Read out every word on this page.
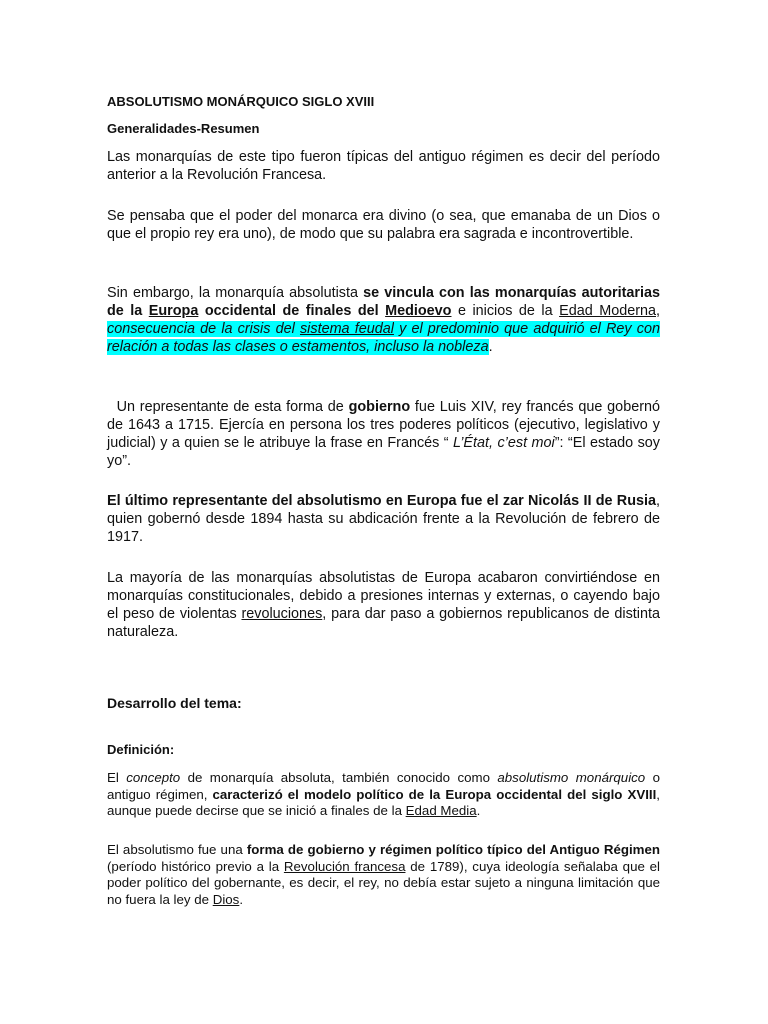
ABSOLUTISMO MONÁRQUICO SIGLO XVIII

Generalidades-Resumen

Las monarquías de este tipo fueron típicas del antiguo régimen es decir del período anterior a la Revolución Francesa.

Se pensaba que el poder del monarca era divino (o sea, que emanaba de un Dios o que el propio rey era uno), de modo que su palabra era sagrada e incontrovertible.

Sin embargo, la monarquía absolutista se vincula con las monarquías autoritarias de la Europa occidental de finales del Medioevo e inicios de la Edad Moderna, consecuencia de la crisis del sistema feudal y el predominio que adquirió el Rey con relación a todas las clases o estamentos, incluso la nobleza.

Un representante de esta forma de gobierno fue Luis XIV, rey francés que gobernó de 1643 a 1715. Ejercía en persona los tres poderes políticos (ejecutivo, legislativo y judicial) y a quien se le atribuye la frase en Francés “ L’État, c’est moi”: “El estado soy yo”.

El último representante del absolutismo en Europa fue el zar Nicolás II de Rusia, quien gobernó desde 1894 hasta su abdicación frente a la Revolución de febrero de 1917.

La mayoría de las monarquías absolutistas de Europa acabaron convirtiéndose en monarquías constitucionales, debido a presiones internas y externas, o cayendo bajo el peso de violentas revoluciones, para dar paso a gobiernos republicanos de distinta naturaleza.

Desarrollo del tema:

Definición:

El concepto de monarquía absoluta, también conocido como absolutismo monárquico o antiguo régimen, caracterizó el modelo político de la Europa occidental del siglo XVIII, aunque puede decirse que se inició a finales de la Edad Media.

El absolutismo fue una forma de gobierno y régimen político típico del Antiguo Régimen (período histórico previo a la Revolución francesa de 1789), cuya ideología señalaba que el poder político del gobernante, es decir, el rey, no debía estar sujeto a ninguna limitación que no fuera la ley de Dios.
